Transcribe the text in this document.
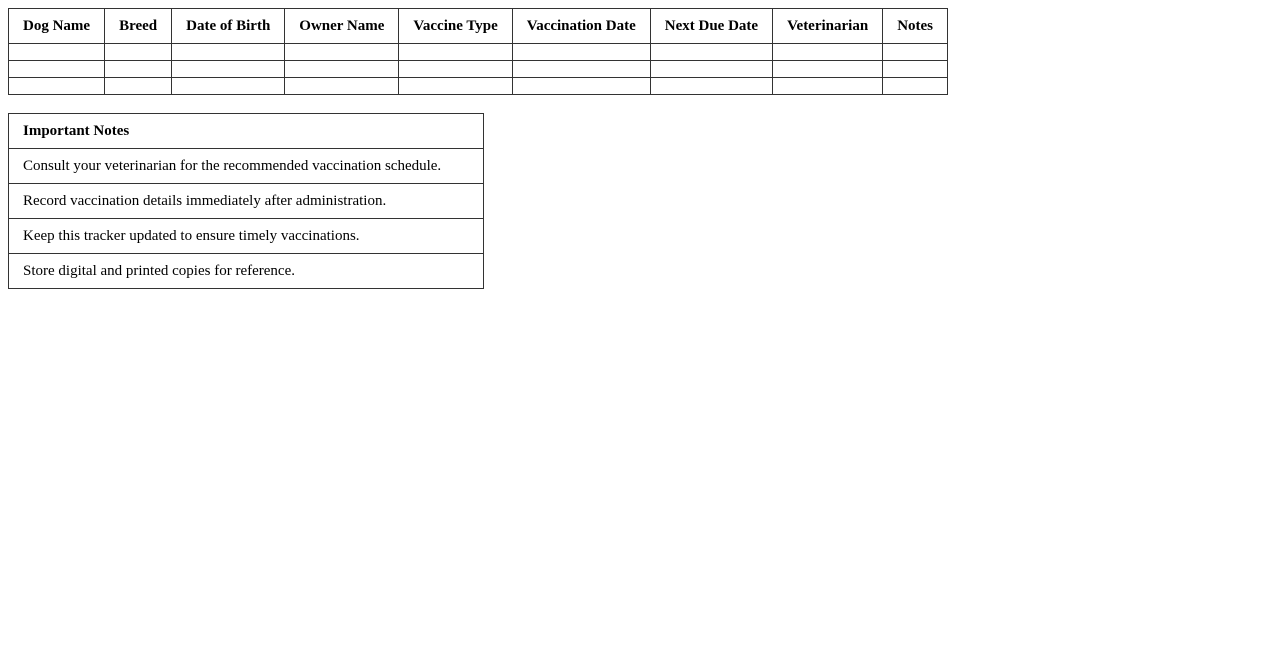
Dog Name	Breed	Date of Birth	Owner Name	Vaccine Type	Vaccination Date	Next Due Date	Veterinarian	Notes

Important Notes
Consult your veterinarian for the recommended vaccination schedule.
Record vaccination details immediately after administration.
Keep this tracker updated to ensure timely vaccinations.
Store digital and printed copies for reference.
